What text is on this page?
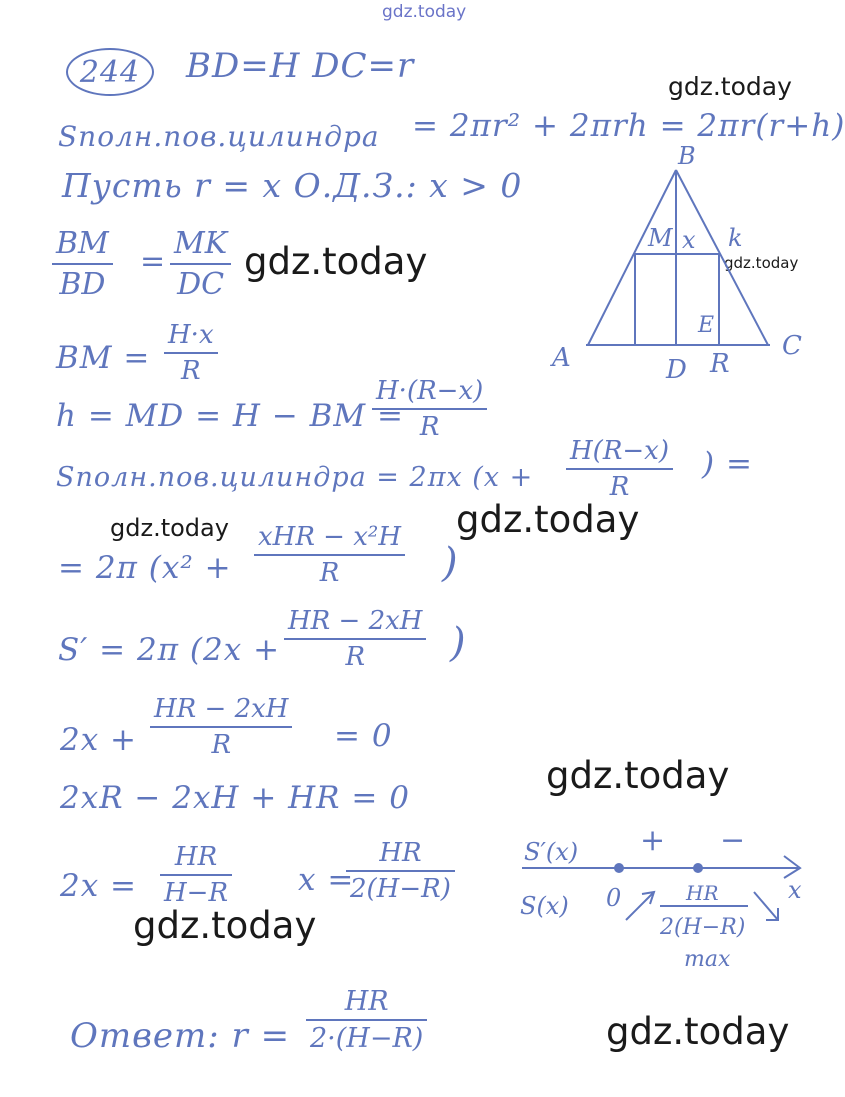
gdz.today
gdz.today
gdz.today	gdz.today
gdz.today	gdz.today
gdz.today
gdz.today
gdz.today
244 BD=H DC=r
Sполн.пов.цилиндра = 2πr² + 2πrh = 2πr(r+h)
Пусть r = x О.Д.З.: x > 0
BM
BD
=
MK
DC
BM =
H·x
R
h = MD = H − BM =
H·(R−x)
R
Sполн.пов.цилиндра = 2πx (x +
H(R−x)
R
) =
= 2π (x² +
xHR − x²H
R	)
S′ = 2π (2x +
HR − 2xH
R )
2x +
HR − 2xH
R	= 0
2xR − 2xH + HR = 0
2x =
HR
H−R x =
HR
2(H−R)
Ответ: r =
HR
2·(H−R)
B
M x k
E
A	D R
C
S′(x)
S(x) 0
+ −
x
HR
2(H−R)
max
